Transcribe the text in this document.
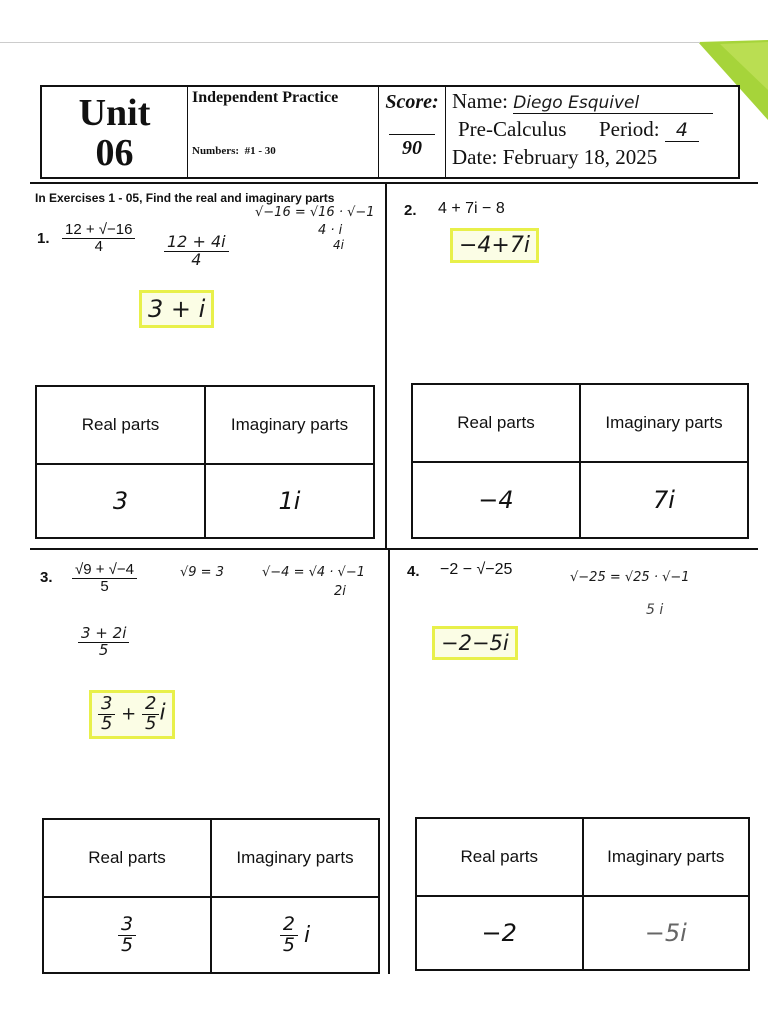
Unit
06
Independent Practice
Numbers: #1 - 30
Score:
90
Name: Diego Esquivel
Pre-Calculus Period: 4
Date: February 18, 2025
In Exercises 1 - 05, Find the real and imaginary parts
1. $\frac{12 + √-16}{4}$
√−16 = √16 · √−1
4 · i
4i
$\frac{12 + 4i}{4}$
3 + i
Real parts	Imaginary parts
3	1i
2. 4 + 7i − 8
−4+7i
Real parts	Imaginary parts
−4	7i
3. $\frac{√9 + √-4}{5}$	√9 = 3	√−4 = √4 · √−1
2i
$\frac{3 + 2i}{5}$
$\frac{3}{5} + \frac{2}{5}$ i
Real parts	Imaginary parts
$\frac{3}{5}$	$\frac{2}{5}$
i
4. −2 − √−25	√−25 = √25 · √−1
5 i
−2−5i
Real parts	Imaginary parts
−2	−5i
